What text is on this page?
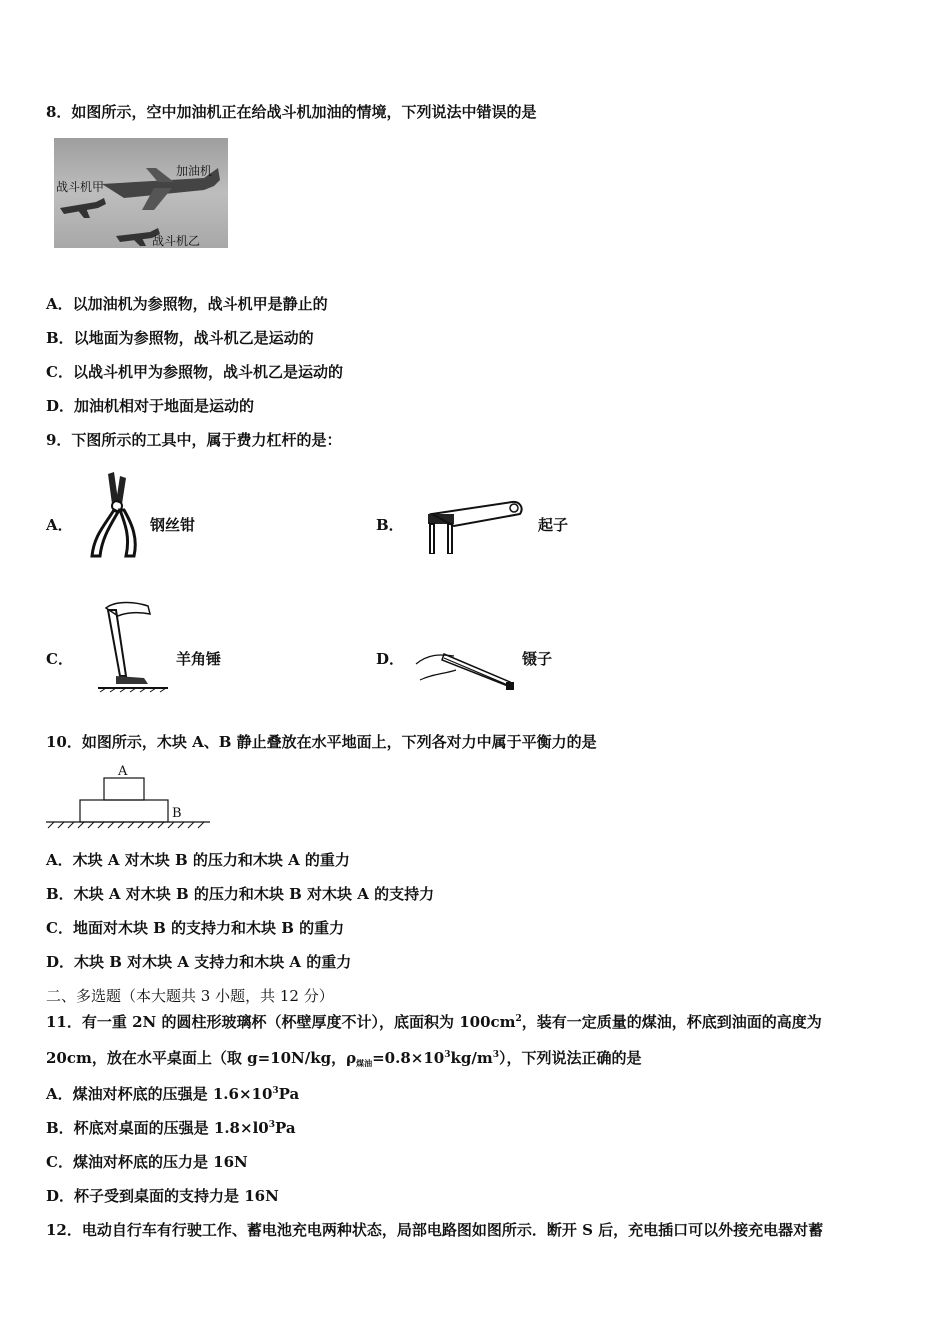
8．如图所示，空中加油机正在给战斗机加油的情境，下列说法中错误的是
加油机
战斗机甲
战斗机乙
A．以加油机为参照物，战斗机甲是静止的
B．以地面为参照物，战斗机乙是运动的
C．以战斗机甲为参照物，战斗机乙是运动的
D．加油机相对于地面是运动的
9．下图所示的工具中，属于费力杠杆的是：
A．	钢丝钳	B．	起子
C．	羊角锤	D．	镊子
10．如图所示，木块 A、B 静止叠放在水平地面上，下列各对力中属于平衡力的是
A
B
A．木块 A 对木块 B 的压力和木块 A 的重力
B．木块 A 对木块 B 的压力和木块 B 对木块 A 的支持力
C．地面对木块 B 的支持力和木块 B 的重力
D．木块 B 对木块 A 支持力和木块 A 的重力
二、多选题（本大题共 3 小题，共 12 分）
11．有一重 2N 的圆柱形玻璃杯（杯壁厚度不计），底面积为 $100cm^2$，装有一定质量的煤油，杯底到油面的高度为
20cm，放在水平桌面上（取 g=10N/kg，$\rho_{煤油}=0.8\times 10^3kg/m^3$），下列说法正确的是
A．煤油对杯底的压强是 $1.6\times 10^3Pa$
B．杯底对桌面的压强是 $1.8\times l0^3Pa$
C．煤油对杯底的压力是 16N
D．杯子受到桌面的支持力是 16N
12．电动自行车有行驶工作、蓄电池充电两种状态，局部电路图如图所示．断开 S 后，充电插口可以外接充电器对蓄
